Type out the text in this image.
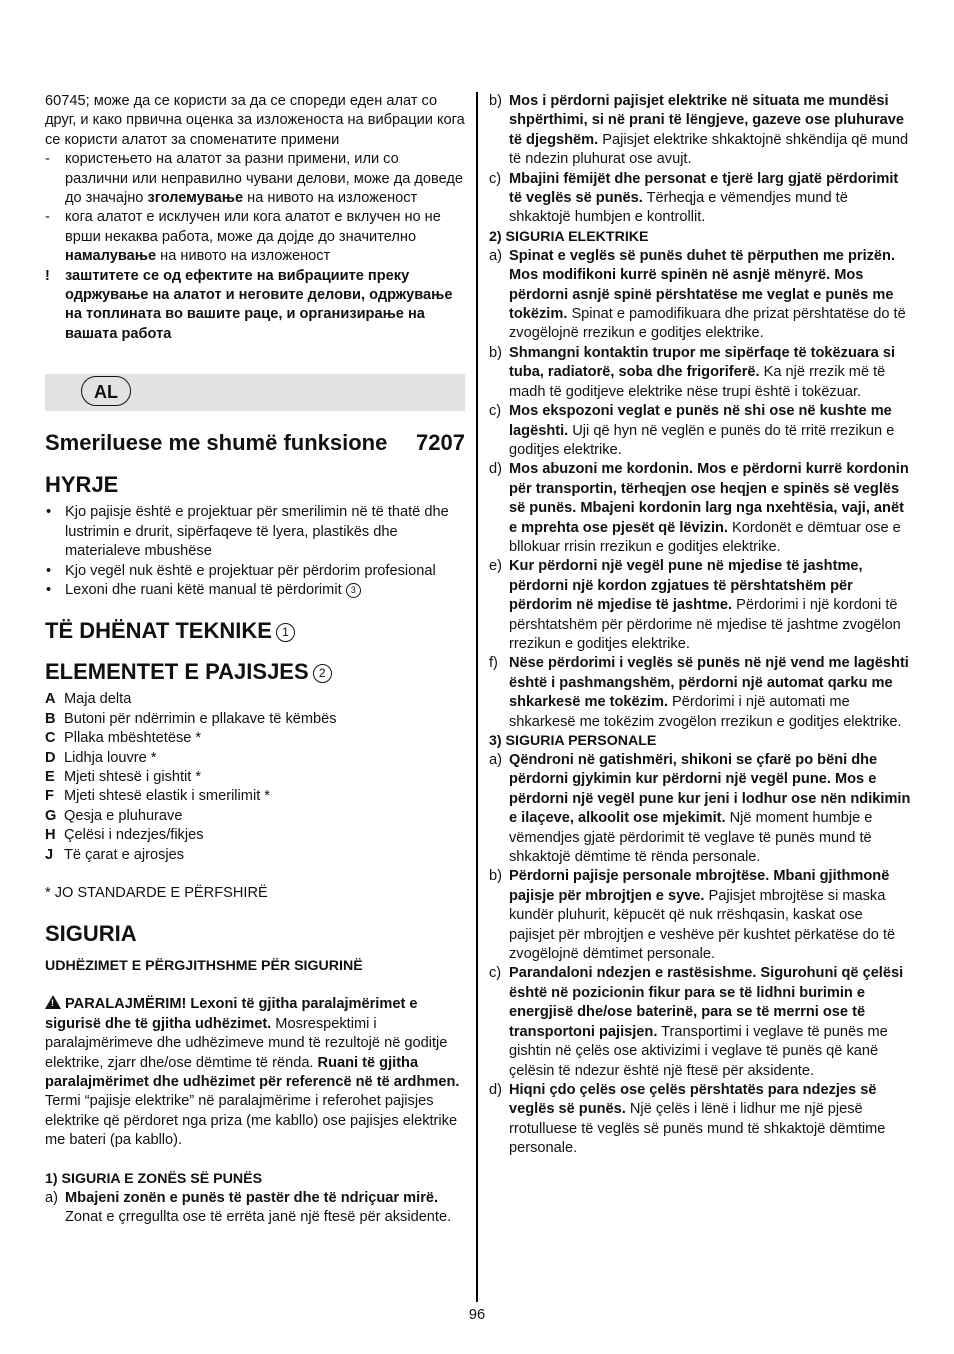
60745; може да се користи за да се спореди еден алат со друг, и како првична оценка за изложеноста на вибрации кога се користи алатот за споменатите примени

- користењето на алатот за разни примени, или со различни или неправилно чувани делови, може да доведе до значајно зголемување на нивото на изложеност
- кога алатот е исклучен или кога алатот е вклучен но не врши некаква работа, може да дојде до значително намалување на нивото на изложеност
! заштитете се од ефектите на вибрациите преку одржување на алатот и неговите делови, одржување на топлината во вашите раце, и организирање на вашата работа
AL
Smeriluese me shumë funksione 7207
HYRJE
• Kjo pajisje është e projektuar për smerilimin në të thatë dhe lustrimin e drurit, sipërfaqeve të lyera, plastikës dhe materialeve mbushëse
• Kjo vegël nuk është e projektuar për përdorim profesional
• Lexoni dhe ruani këtë manual të përdorimit 3
TË DHËNAT TEKNIKE 1
ELEMENTET E PAJISJES 2
A Maja delta
B Butoni për ndërrimin e pllakave të këmbës
C Pllaka mbështetëse *
D Lidhja louvre *
E Mjeti shtesë i gishtit *
F Mjeti shtesë elastik i smerilimit *
G Qesja e pluhurave
H Çelësi i ndezjes/fikjes
J Të çarat e ajrosjes

* JO STANDARDE E PËRFSHIRË

SIGURIA

UDHËZIMET E PËRGJITHSHME PËR SIGURINË

! PARALAJMËRIM! Lexoni të gjitha paralajmërimet e sigurisë dhe të gjitha udhëzimet. Mosrespektimi i paralajmërimeve dhe udhëzimeve mund të rezultojë në goditje elektrike, zjarr dhe/ose dëmtime të rënda. Ruani të gjitha paralajmërimet dhe udhëzimet për referencë në të ardhmen. Termi “pajisje elektrike” në paralajmërime i referohet pajisjes elektrike që përdoret nga priza (me kabllo) ose pajisjes elektrike me bateri (pa kabllo).

1) SIGURIA E ZONËS SË PUNËS

a) Mbajeni zonën e punës të pastër dhe të ndriçuar mirë. Zonat e çrregullta ose të errëta janë një ftesë për aksidente.
b) Mos i përdorni pajisjet elektrike në situata me mundësi shpërthimi, si në prani të lëngjeve, gazeve ose pluhurave të djegshëm. Pajisjet elektrike shkaktojnë shkëndija që mund të ndezin pluhurat ose avujt.
c) Mbajini fëmijët dhe personat e tjerë larg gjatë përdorimit të veglës së punës. Tërheqja e vëmendjes mund të shkaktojë humbjen e kontrollit.

2) SIGURIA ELEKTRIKE

a) Spinat e veglës së punës duhet të përputhen me prizën. Mos modifikoni kurrë spinën në asnjë mënyrë. Mos përdorni asnjë spinë përshtatëse me veglat e punës me tokëzim. Spinat e pamodifikuara dhe prizat përshtatëse do të zvogëlojnë rrezikun e goditjes elektrike.
b) Shmangni kontaktin trupor me sipërfaqe të tokëzuara si tuba, radiatorë, soba dhe frigoriferë. Ka një rrezik më të madh të goditjeve elektrike nëse trupi është i tokëzuar.
c) Mos ekspozoni veglat e punës në shi ose në kushte me lagështi. Uji që hyn në veglën e punës do të rritë rrezikun e goditjes elektrike.
d) Mos abuzoni me kordonin. Mos e përdorni kurrë kordonin për transportin, tërheqjen ose heqjen e spinës së veglës së punës. Mbajeni kordonin larg nga nxehtësia, vaji, anët e mprehta ose pjesët që lëvizin. Kordonët e dëmtuar ose e bllokuar rrisin rrezikun e goditjes elektrike.
e) Kur përdorni një vegël pune në mjedise të jashtme, përdorni një kordon zgjatues të përshtatshëm për përdorim në mjedise të jashtme. Përdorimi i një kordoni të përshtatshëm për përdorime në mjedise të jashtme zvogëlon rrezikun e goditjes elektrike.
f) Nëse përdorimi i veglës së punës në një vend me lagështi është i pashmangshëm, përdorni një automat qarku me shkarkesë me tokëzim. Përdorimi i një automati me shkarkesë me tokëzim zvogëlon rrezikun e goditjes elektrike.

3) SIGURIA PERSONALE

a) Qëndroni në gatishmëri, shikoni se çfarë po bëni dhe përdorni gjykimin kur përdorni një vegël pune. Mos e përdorni një vegël pune kur jeni i lodhur ose nën ndikimin e ilaçeve, alkoolit ose mjekimit. Një moment humbje e vëmendjes gjatë përdorimit të veglave të punës mund të shkaktojë dëmtime të rënda personale.
b) Përdorni pajisje personale mbrojtëse. Mbani gjithmonë pajisje për mbrojtjen e syve. Pajisjet mbrojtëse si maska kundër pluhurit, këpucët që nuk rrëshqasin, kaskat ose pajisjet për mbrojtjen e veshëve për kushtet përkatëse do të zvogëlojnë dëmtimet personale.
c) Parandaloni ndezjen e rastësishme. Sigurohuni që çelësi është në pozicionin fikur para se të lidhni burimin e energjisë dhe/ose baterinë, para se të merrni ose të transportoni pajisjen. Transportimi i veglave të punës me gishtin në çelës ose aktivizimi i veglave të punës që kanë çelësin të ndezur është një ftesë për aksidente.
d) Hiqni çdo çelës ose çelës përshtatës para ndezjes së veglës së punës. Një çelës i lënë i lidhur me një pjesë rrotulluese të veglës së punës mund të shkaktojë dëmtime personale.
96
